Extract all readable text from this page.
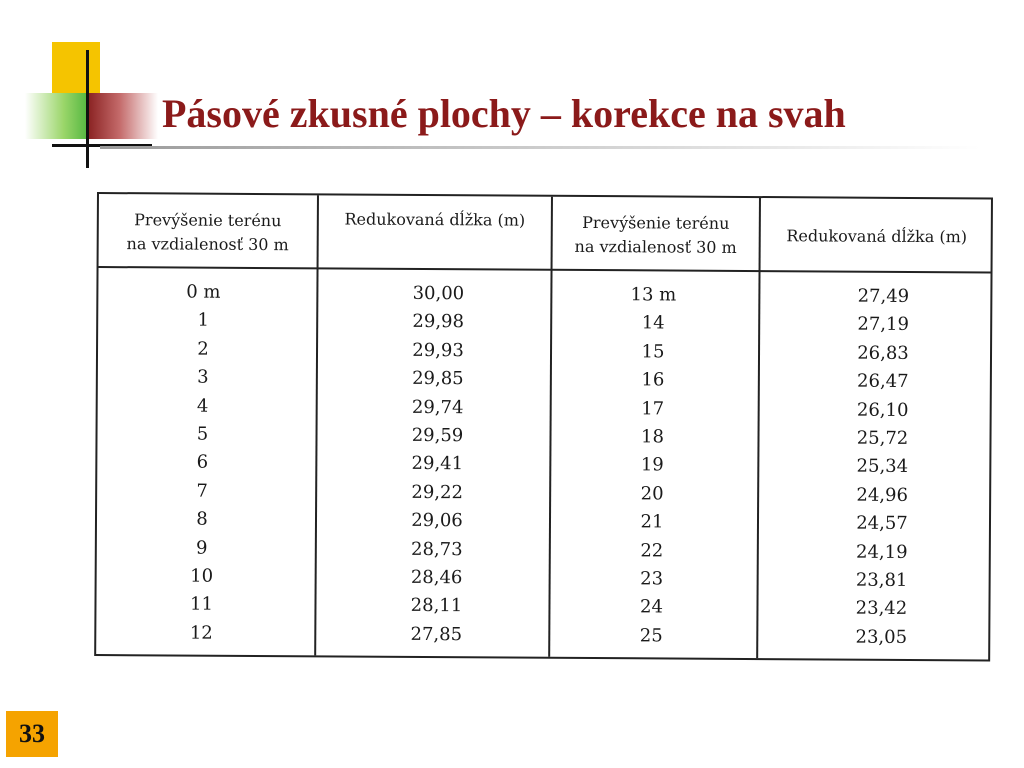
Pásové zkusné plochy – korekce na svah
Prevýšenie terénu
na vzdialenosť 30 m
Redukovaná dĺžka (m)	Prevýšenie terénu
na vzdialenosť 30 m
Redukovaná dĺžka (m)
0 m
1
2
3
4
5
6
7
8
9
10
11
12
30,00
29,98
29,93
29,85
29,74
29,59
29,41
29,22
29,06
28,73
28,46
28,11
27,85
13 m
14
15
16
17
18
19
20
21
22
23
24
25
27,49
27,19
26,83
26,47
26,10
25,72
25,34
24,96
24,57
24,19
23,81
23,42
23,05
33
